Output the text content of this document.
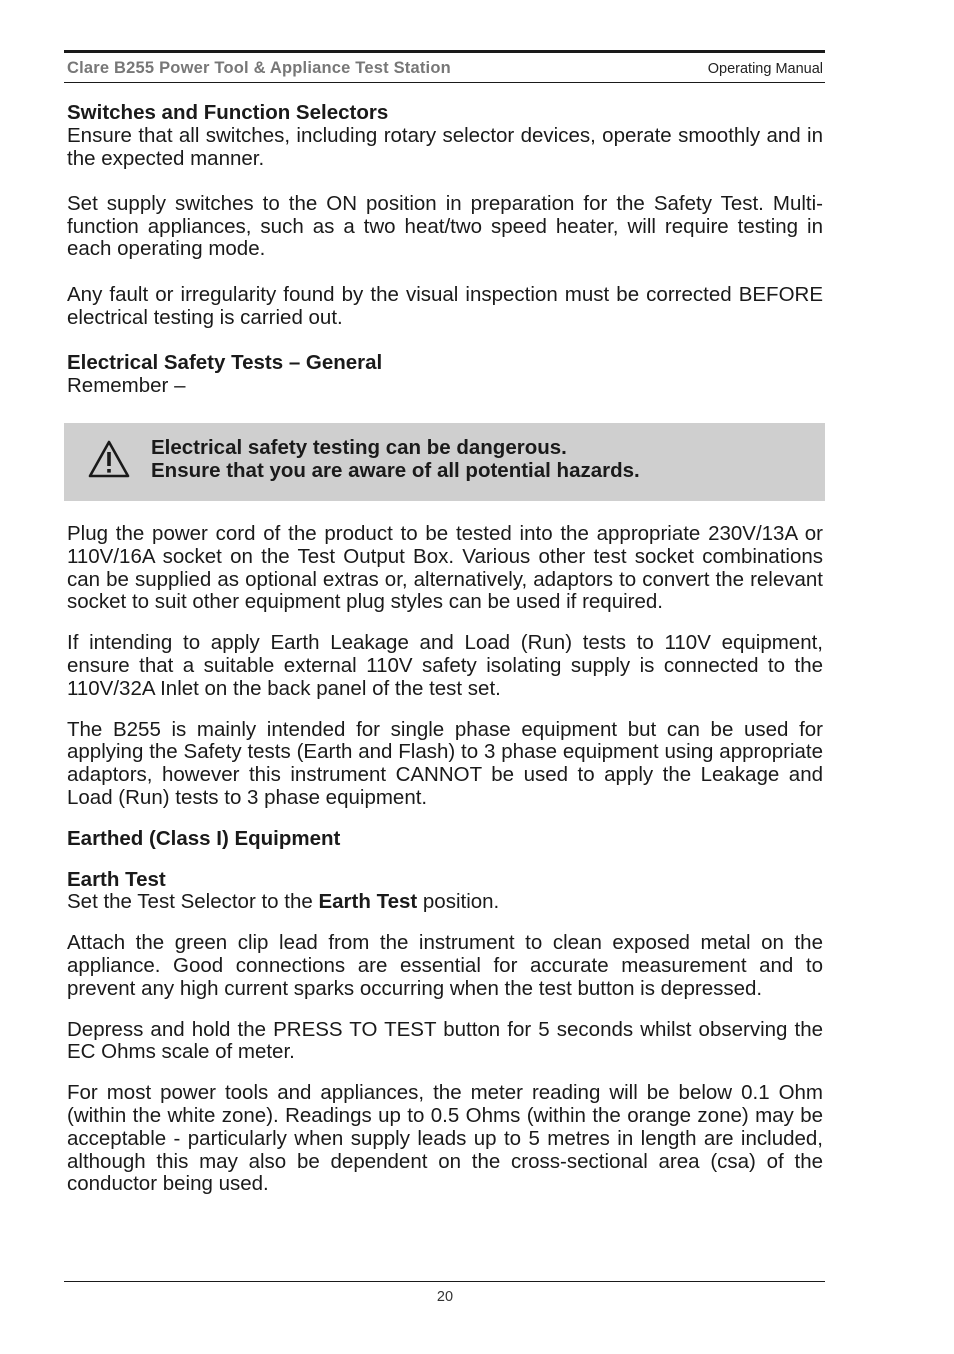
Clare B255 Power Tool & Appliance Test Station	Operating Manual
Switches and Function Selectors

Ensure that all switches, including rotary selector devices, operate smoothly and in the expected manner.

Set supply switches to the ON position in preparation for the Safety Test. Multi-function appliances, such as a two heat/two speed heater, will require testing in each operating mode.

Any fault or irregularity found by the visual inspection must be corrected BEFORE electrical testing is carried out.

Electrical Safety Tests – General

Remember –

Electrical safety testing can be dangerous.
Ensure that you are aware of all potential hazards.

Plug the power cord of the product to be tested into the appropriate 230V/13A or 110V/16A socket on the Test Output Box. Various other test socket combinations can be supplied as optional extras or, alternatively, adaptors to convert the relevant socket to suit other equipment plug styles can be used if required.

If intending to apply Earth Leakage and Load (Run) tests to 110V equipment, ensure that a suitable external 110V safety isolating supply is connected to the 110V/32A Inlet on the back panel of the test set.

The B255 is mainly intended for single phase equipment but can be used for applying the Safety tests (Earth and Flash) to 3 phase equipment using appropriate adaptors, however this instrument CANNOT be used to apply the Leakage and Load (Run) tests to 3 phase equipment.

Earthed (Class I) Equipment
Earth Test

Set the Test Selector to the Earth Test position.

Attach the green clip lead from the instrument to clean exposed metal on the appliance. Good connections are essential for accurate measurement and to prevent any high current sparks occurring when the test button is depressed.

Depress and hold the PRESS TO TEST button for 5 seconds whilst observing the EC Ohms scale of meter.

For most power tools and appliances, the meter reading will be below 0.1 Ohm (within the white zone). Readings up to 0.5 Ohms (within the orange zone) may be acceptable - particularly when supply leads up to 5 metres in length are included, although this may also be dependent on the cross-sectional area (csa) of the conductor being used.

20
